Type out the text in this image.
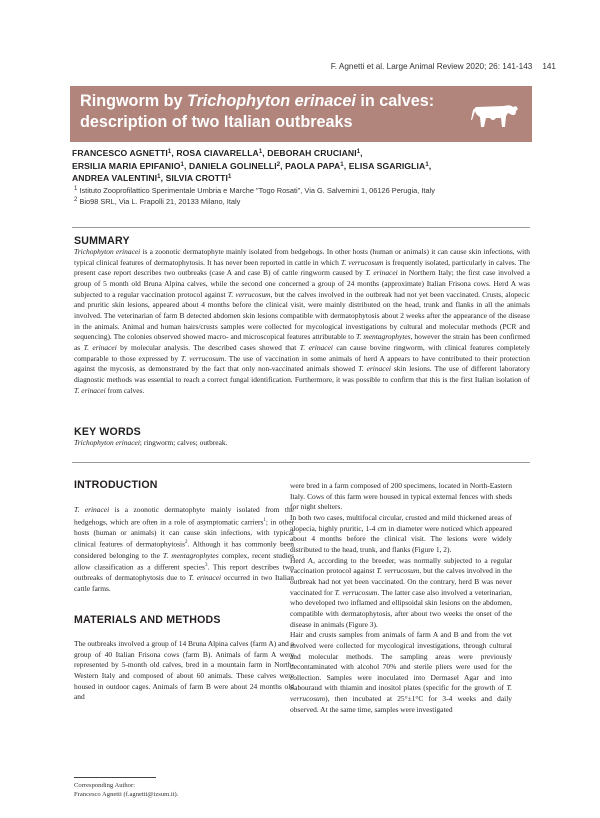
F. Agnetti et al. Large Animal Review 2020; 26: 141-143 141
Ringworm by Trichophyton erinacei in calves:
description of two Italian outbreaks
FRANCESCO AGNETTI$^1$, ROSA CIAVARELLA$^1$, DEBORAH CRUCIANI$^1$,
ERSILIA MARIA EPIFANIO$^1$, DANIELA GOLINELLI$^2$, PAOLA PAPA$^1$, ELISA SGARIGLIA$^1$,
ANDREA VALENTINI$^1$, SILVIA CROTTI$^1$
$^1$ Istituto Zooprofilattico Sperimentale Umbria e Marche "Togo Rosati", Via G. Salvemini 1, 06126 Perugia, Italy
$^2$ Bio98 SRL, Via L. Frapolli 21, 20133 Milano, Italy
SUMMARY
Trichophyton erinacei is a zoonotic dermatophyte mainly isolated from hedgehogs. In other hosts (human or animals) it can cause skin infections, with typical clinical features of dermatophytosis. It has never been reported in cattle in which T. verrucosum is frequently isolated, particularly in calves. The present case report describes two outbreaks (case A and case B) of cattle ringworm caused by T. erinacei in Northern Italy; the first case involved a group of 5 month old Bruna Alpina calves, while the second one concerned a group of 24 months (approximate) Italian Frisona cows. Herd A was subjected to a regular vaccination protocol against T. verrucosum, but the calves involved in the outbreak had not yet been vaccinated. Crusts, alopecic and pruritic skin lesions, appeared about 4 months before the clinical visit, were mainly distributed on the head, trunk and flanks in all the animals involved. The veterinarian of farm B detected abdomen skin lesions compatible with dermatophytosis about 2 weeks after the appearance of the disease in the animals. Animal and human hairs/crusts samples were collected for mycological investigations by cultural and molecular methods (PCR and sequencing). The colonies observed showed macro- and microscopical features attributable to T. mentagrophytes, however the strain has been confirmed as T. erinacei by molecular analysis. The described cases showed that T. erinacei can cause bovine ringworm, with clinical features completely comparable to those expressed by T. verrucosum. The use of vaccination in some animals of herd A appears to have contributed to their protection against the mycosis, as demonstrated by the fact that only non-vaccinated animals showed T. erinacei skin lesions. The use of different laboratory diagnostic methods was essential to reach a correct fungal identification. Furthermore, it was possible to confirm that this is the first Italian isolation of T. erinacei from calves.
KEY WORDS
Trichophyton erinacei; ringworm; calves; outbreak.
INTRODUCTION
T. erinacei is a zoonotic dermatophyte mainly isolated from the hedgehogs, which are often in a role of asymptomatic carriers$^1$; in other hosts (human or animals) it can cause skin infections, with typical clinical features of dermatophytosis$^2$. Although it has commonly been considered belonging to the T. mentagrophytes complex, recent studies allow classification as a different species$^3$. This report describes two outbreaks of dermatophytosis due to T. erinacei occurred in two Italian cattle farms.
MATERIALS AND METHODS
The outbreaks involved a group of 14 Bruna Alpina calves (farm A) and a group of 40 Italian Frisona cows (farm B). Animals of farm A were represented by 5-month old calves, bred in a mountain farm in North-Western Italy and composed of about 60 animals. These calves were housed in outdoor cages. Animals of farm B were about 24 months old and

were bred in a farm composed of 200 specimens, located in North-Eastern Italy. Cows of this farm were housed in typical external fences with sheds for night shelters.

In both two cases, multifocal circular, crusted and mild thickened areas of alopecia, highly pruritic, 1-4 cm in diameter were noticed which appeared about 4 months before the clinical visit. The lesions were widely distributed to the head, trunk, and flanks (Figure 1, 2).

Herd A, according to the breeder, was normally subjected to a regular vaccination protocol against T. verrucosum, but the calves involved in the outbreak had not yet been vaccinated. On the contrary, herd B was never vaccinated for T. verrucosum. The latter case also involved a veterinarian, who developed two inflamed and ellipsoidal skin lesions on the abdomen, compatible with dermatophytosis, after about two weeks the onset of the disease in animals (Figure 3).

Hair and crusts samples from animals of farm A and B and from the vet involved were collected for mycological investigations, through cultural and molecular methods. The sampling areas were previously decontaminated with alcohol 70% and sterile pliers were used for the collection. Samples were inoculated into Dermasel Agar and into Sabouraud with thiamin and inositol plates (specific for the growth of T. verrucosum), then incubated at 25°±1°C for 3-4 weeks and daily observed. At the same time, samples were investigated

Corresponding Author:
Francesco Agnetti (f.agnetti@izsum.it).
